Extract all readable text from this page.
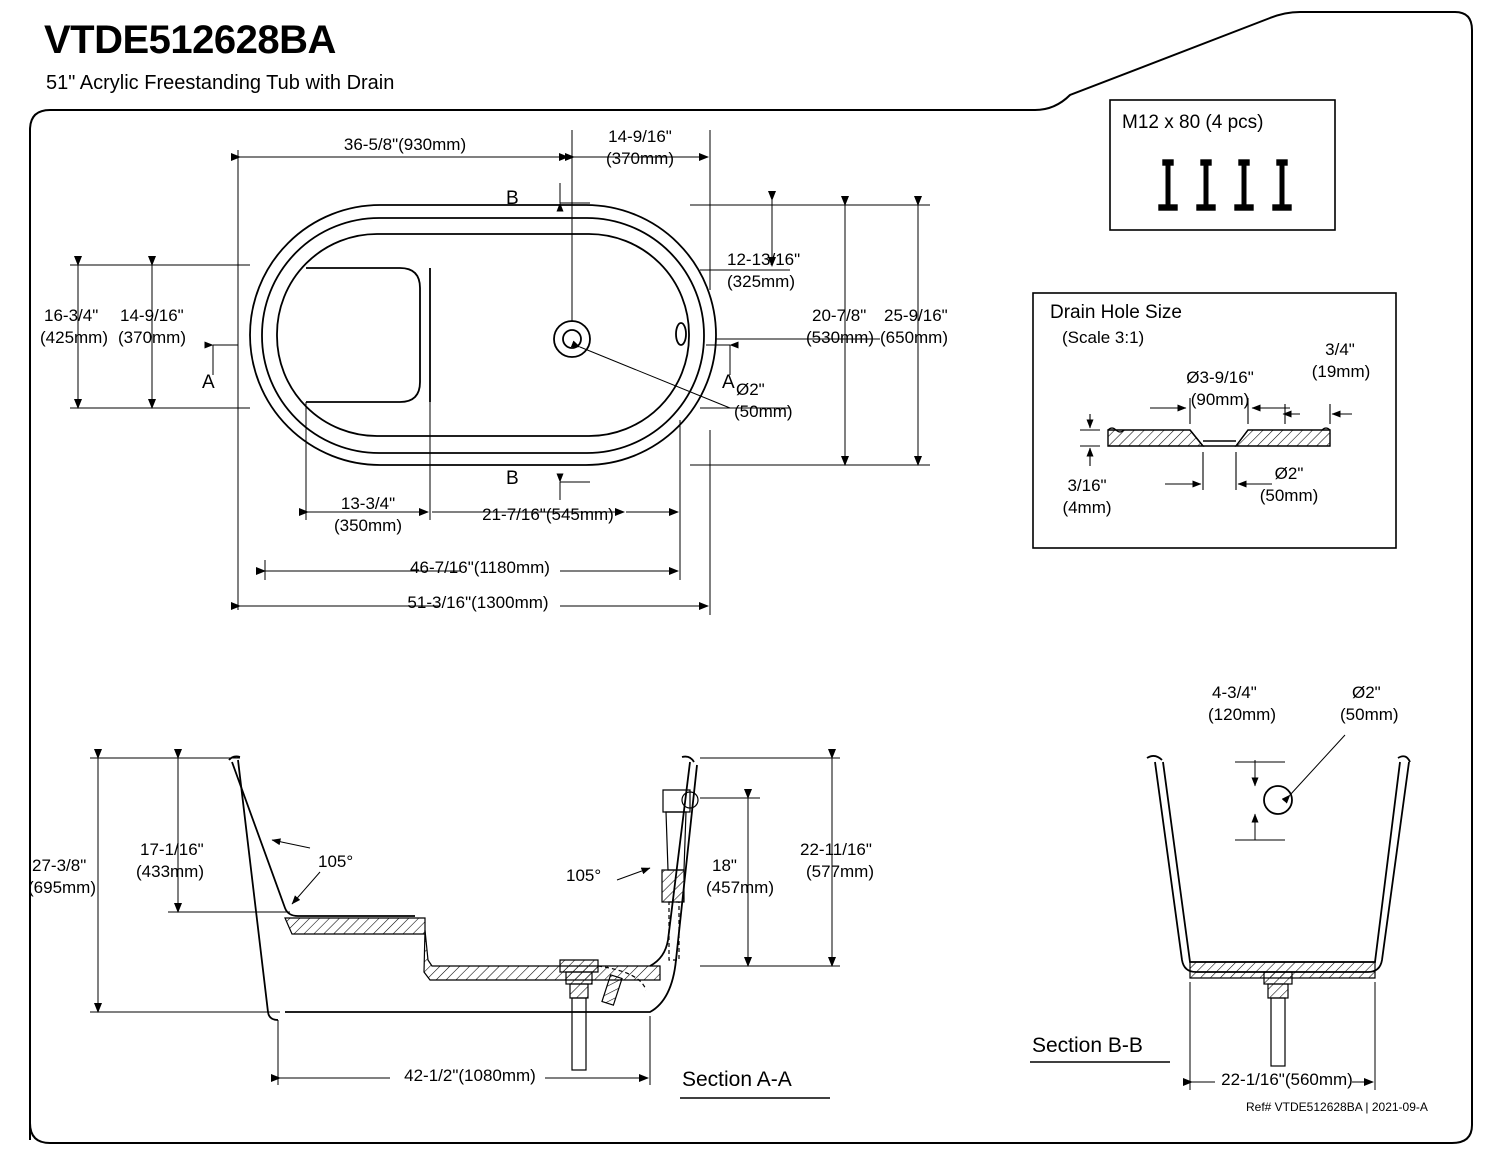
VTDE512628BA
51" Acrylic Freestanding Tub with Drain
M12 x 80 (4 pcs)
Drain Hole Size
(Scale 3:1)
Ø3-9/16"
(90mm)
3/4"
(19mm)
3/16"
(4mm)
Ø2"
(50mm)
36-5/8"(930mm)	14-9/16"
(370mm)
12-13/16"
(325mm)
20-7/8"
(530mm)
25-9/16"
(650mm)
16-3/4"
(425mm)
14-9/16"
(370mm)
A	A
B
B
Ø2"
(50mm)
13-3/4"
(350mm)
21-7/16"(545mm)
46-7/16"(1180mm)
51-3/16"(1300mm)
17-1/16"
(433mm)
27-3/8"
(695mm)
22-11/16"
(577mm)
18"
(457mm)
105°
105°
42-1/2"(1080mm)	Section A-A
4-3/4"
(120mm)
Ø2"
(50mm)
22-1/16"(560mm)
Section B-B
Ref# VTDE512628BA | 2021-09-A
